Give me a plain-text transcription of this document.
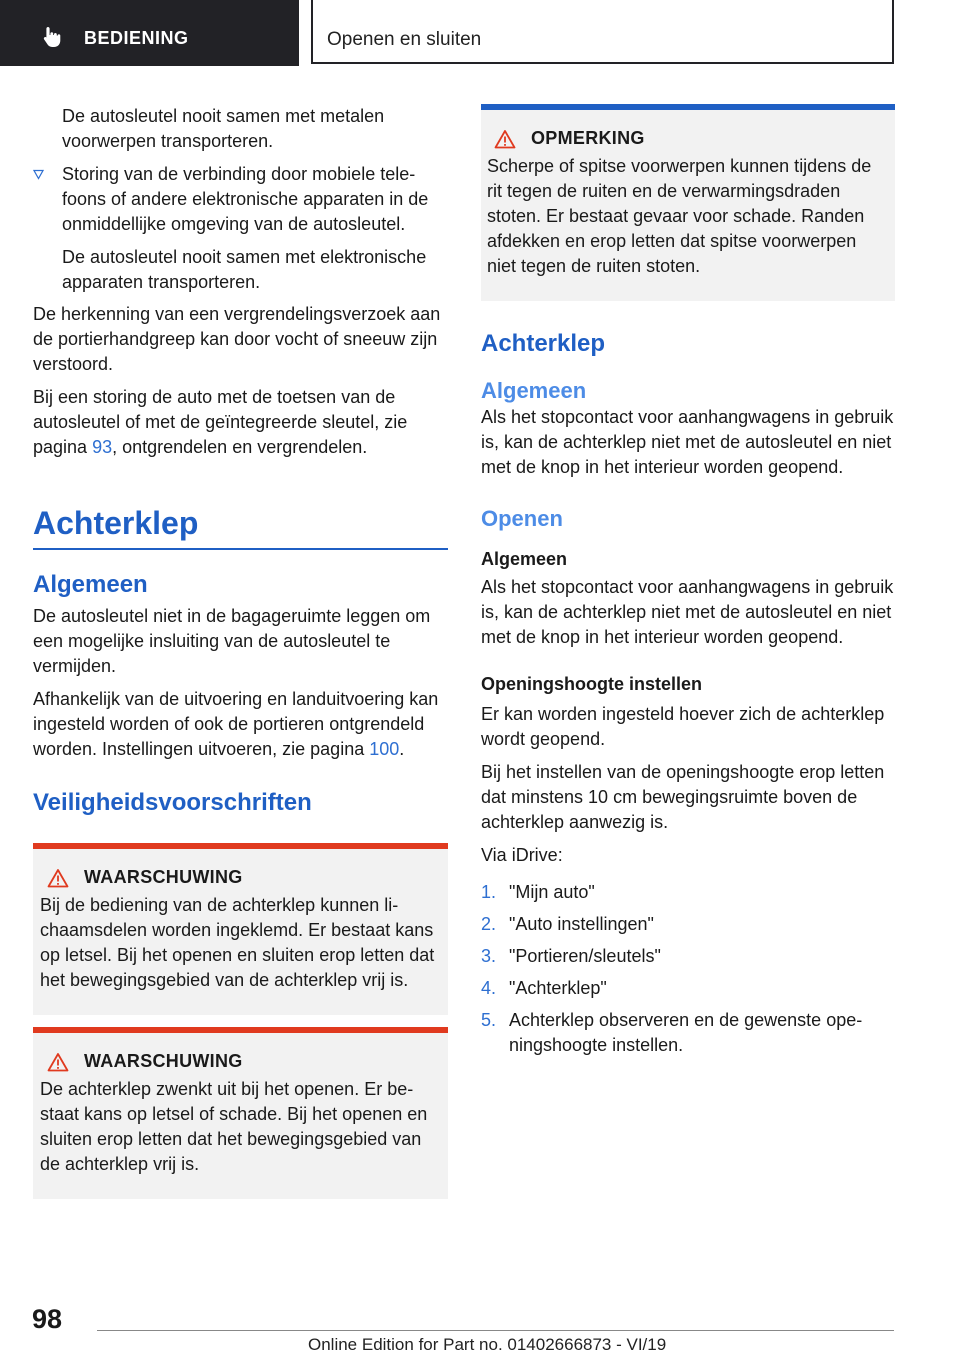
BEDIENING	Openen en sluiten

De autosleutel nooit samen met metalen voorwerpen transporteren.

Storing van de verbinding door mobiele telefoons of andere elektronische apparaten in de onmiddellijke omgeving van de autosleutel.

De autosleutel nooit samen met elektronische apparaten transporteren.

De herkenning van een vergrendelingsverzoek aan de portierhandgreep kan door vocht of sneeuw zijn verstoord.

Bij een storing de auto met de toetsen van de autosleutel of met de geïntegreerde sleutel, zie pagina 93, ontgrendelen en vergrendelen.

Achterklep
Algemeen

De autosleutel niet in de bagageruimte leggen om een mogelijke insluiting van de autosleutel te vermijden.

Afhankelijk van de uitvoering en landuitvoering kan ingesteld worden of ook de portieren ontgrendeld worden. Instellingen uitvoeren, zie pagina 100.

Veiligheidsvoorschriften
WAARSCHUWING

Bij de bediening van de achterklep kunnen lichaamsdelen worden ingeklemd. Er bestaat kans op letsel. Bij het openen en sluiten erop letten dat het bewegingsgebied van de achterklep vrij is.

WAARSCHUWING

De achterklep zwenkt uit bij het openen. Er bestaat kans op letsel of schade. Bij het openen en sluiten erop letten dat het bewegingsgebied van de achterklep vrij is.

OPMERKING

Scherpe of spitse voorwerpen kunnen tijdens de rit tegen de ruiten en de verwarmingsdraden stoten. Er bestaat gevaar voor schade. Randen afdekken en erop letten dat spitse voorwerpen niet tegen de ruiten stoten.

Achterklep
Algemeen

Als het stopcontact voor aanhangwagens in gebruik is, kan de achterklep niet met de autosleutel en niet met de knop in het interieur worden geopend.

Openen
Algemeen

Als het stopcontact voor aanhangwagens in gebruik is, kan de achterklep niet met de autosleutel en niet met de knop in het interieur worden geopend.

Openingshoogte instellen

Er kan worden ingesteld hoever zich de achterklep wordt geopend.

Bij het instellen van de openingshoogte erop letten dat minstens 10 cm bewegingsruimte boven de achterklep aanwezig is.

Via iDrive:

1. "Mijn auto"
2. "Auto instellingen"
3. "Portieren/sleutels"
4. "Achterklep"
5. Achterklep observeren en de gewenste openingshoogte instellen.
98
Online Edition for Part no. 01402666873 - VI/19
